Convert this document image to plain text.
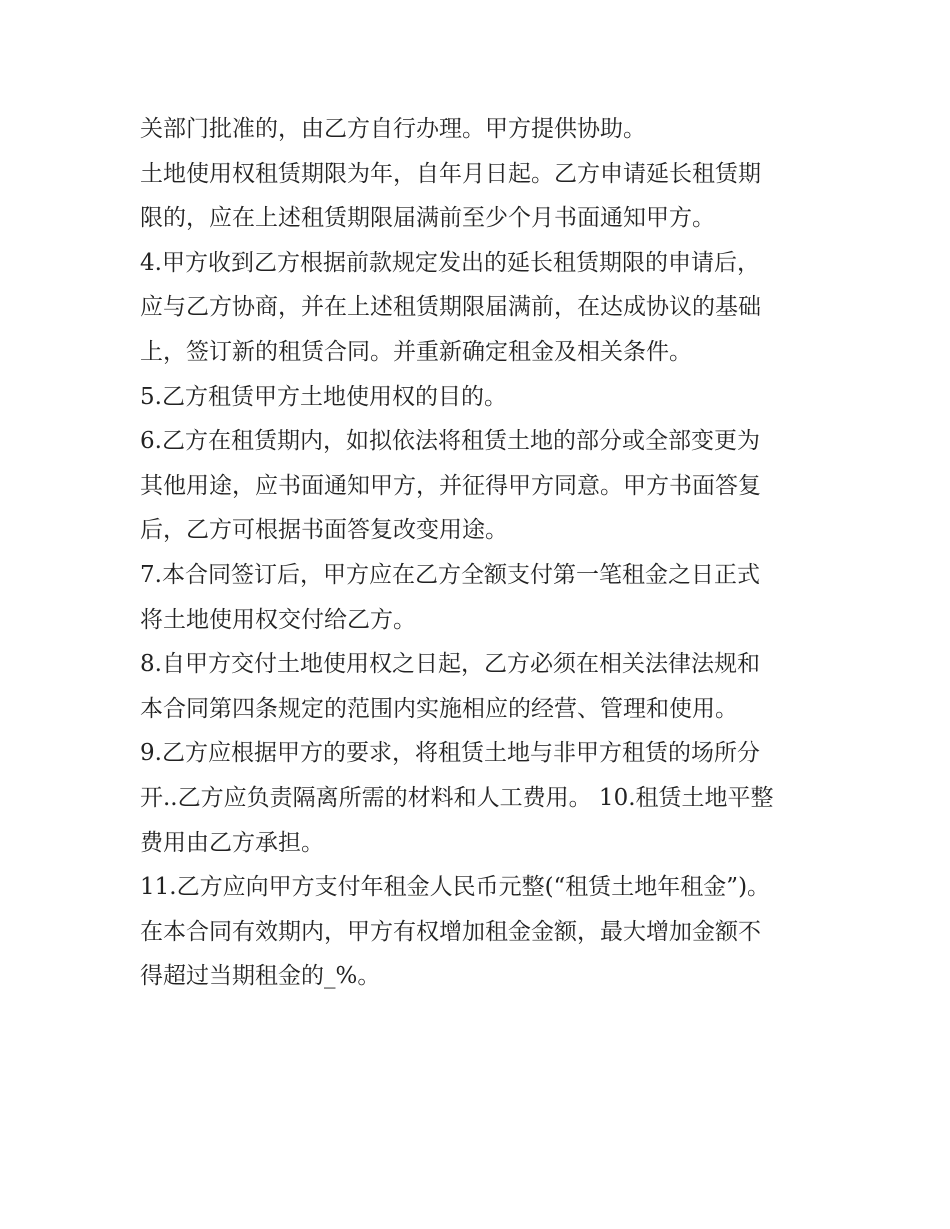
关部门批准的，由乙方自行办理。甲方提供协助。
土地使用权租赁期限为年，自年月日起。乙方申请延长租赁期
限的，应在上述租赁期限届满前至少个月书面通知甲方。
4.甲方收到乙方根据前款规定发出的延长租赁期限的申请后，
应与乙方协商，并在上述租赁期限届满前，在达成协议的基础
上，签订新的租赁合同。并重新确定租金及相关条件。
5.乙方租赁甲方土地使用权的目的。
6.乙方在租赁期内，如拟依法将租赁土地的部分或全部变更为
其他用途，应书面通知甲方，并征得甲方同意。甲方书面答复
后，乙方可根据书面答复改变用途。
7.本合同签订后，甲方应在乙方全额支付第一笔租金之日正式
将土地使用权交付给乙方。
8.自甲方交付土地使用权之日起，乙方必须在相关法律法规和
本合同第四条规定的范围内实施相应的经营、管理和使用。
9.乙方应根据甲方的要求，将租赁土地与非甲方租赁的场所分
开..乙方应负责隔离所需的材料和人工费用。 10.租赁土地平整
费用由乙方承担。
11.乙方应向甲方支付年租金人民币元整(“租赁土地年租金”)。
在本合同有效期内，甲方有权增加租金金额，最大增加金额不
得超过当期租金的_%。
